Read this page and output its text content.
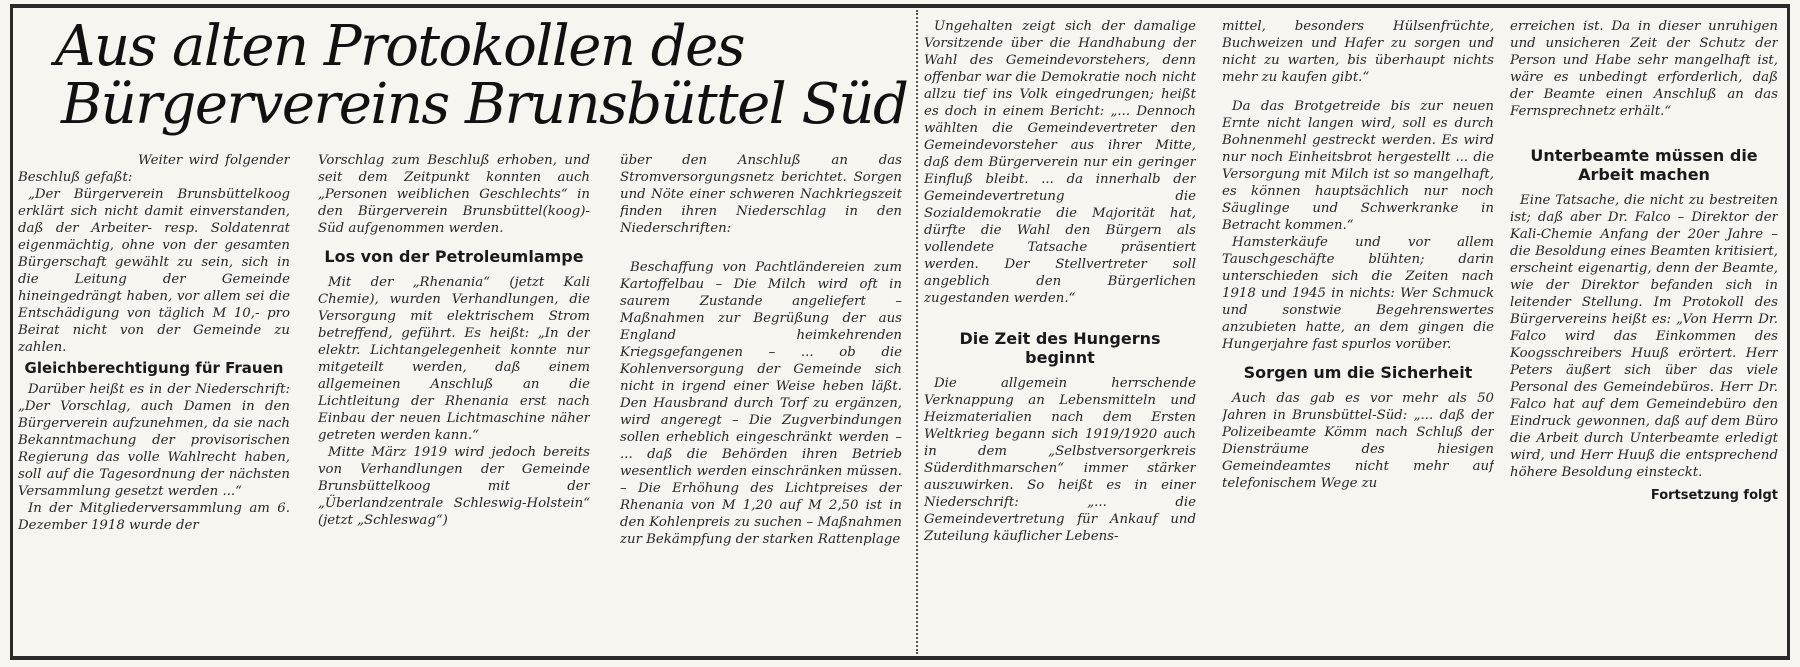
Aus alten Protokollen des
Bürgervereins Brunsbüttel Süd

Weiter wird folgender Beschluß gefaßt:

„Der Bürgerverein Brunsbüttelkoog erklärt sich nicht damit einverstanden, daß der Arbeiter- resp. Soldatenrat eigenmächtig, ohne von der gesamten Bürgerschaft gewählt zu sein, sich in die Leitung der Gemeinde hineingedrängt haben, vor allem sei die Entschädigung von täglich M 10,- pro Beirat nicht von der Gemeinde zu zahlen.

Gleichberechtigung für Frauen

Darüber heißt es in der Niederschrift: „Der Vorschlag, auch Damen in den Bürgerverein aufzunehmen, da sie nach Bekanntmachung der provisorischen Regierung das volle Wahlrecht haben, soll auf die Tagesordnung der nächsten Versammlung gesetzt werden ...“

In der Mitgliederversammlung am 6. Dezember 1918 wurde der

Vorschlag zum Beschluß erhoben, und seit dem Zeitpunkt konnten auch „Personen weiblichen Geschlechts“ in den Bürgerverein Brunsbüttel(koog)-Süd aufgenommen werden.

Los von der Petroleumlampe

Mit der „Rhenania“ (jetzt Kali Chemie), wurden Verhandlungen, die Versorgung mit elektrischem Strom betreffend, geführt. Es heißt: „In der elektr. Lichtangelegenheit konnte nur mitgeteilt werden, daß einem allgemeinen Anschluß an die Lichtleitung der Rhenania erst nach Einbau der neuen Lichtmaschine näher getreten werden kann.“

Mitte März 1919 wird jedoch bereits von Verhandlungen der Gemeinde Brunsbüttelkoog mit der „Überlandzentrale Schleswig-Holstein“ (jetzt „Schleswag“)

über den Anschluß an das Stromversorgungsnetz berichtet. Sorgen und Nöte einer schweren Nachkriegszeit finden ihren Niederschlag in den Niederschriften:

Beschaffung von Pachtländereien zum Kartoffelbau – Die Milch wird oft in saurem Zustande angeliefert – Maßnahmen zur Begrüßung der aus England heimkehrenden Kriegsgefangenen – ... ob die Kohlenversorgung der Gemeinde sich nicht in irgend einer Weise heben läßt. Den Hausbrand durch Torf zu ergänzen, wird angeregt – Die Zugverbindungen sollen erheblich eingeschränkt werden – ... daß die Behörden ihren Betrieb wesentlich werden einschränken müssen. – Die Erhöhung des Lichtpreises der Rhenania von M 1,20 auf M 2,50 ist in den Kohlenpreis zu suchen – Maßnahmen zur Bekämpfung der starken Rattenplage

Ungehalten zeigt sich der damalige Vorsitzende über die Handhabung der Wahl des Gemeindevorstehers, denn offenbar war die Demokratie noch nicht allzu tief ins Volk eingedrungen; heißt es doch in einem Bericht: „... Dennoch wählten die Gemeindevertreter den Gemeindevorsteher aus ihrer Mitte, daß dem Bürgerverein nur ein geringer Einfluß bleibt. ... da innerhalb der Gemeindevertretung die Sozialdemokratie die Majorität hat, dürfte die Wahl den Bürgern als vollendete Tatsache präsentiert werden. Der Stellvertreter soll angeblich den Bürgerlichen zugestanden werden.“

Die Zeit des Hungerns beginnt

Die allgemein herrschende Verknappung an Lebensmitteln und Heizmaterialien nach dem Ersten Weltkrieg begann sich 1919/1920 auch in dem „Selbstversorgerkreis Süderdithmarschen“ immer stärker auszuwirken. So heißt es in einer Niederschrift: „... die Gemeindevertretung für Ankauf und Zuteilung käuflicher Lebens-

mittel, besonders Hülsenfrüchte, Buchweizen und Hafer zu sorgen und nicht zu warten, bis überhaupt nichts mehr zu kaufen gibt.“

Da das Brotgetreide bis zur neuen Ernte nicht langen wird, soll es durch Bohnenmehl gestreckt werden. Es wird nur noch Einheitsbrot hergestellt ... die Versorgung mit Milch ist so mangelhaft, es können hauptsächlich nur noch Säuglinge und Schwerkranke in Betracht kommen.“

Hamsterkäufe und vor allem Tauschgeschäfte blühten; darin unterschieden sich die Zeiten nach 1918 und 1945 in nichts: Wer Schmuck und sonstwie Begehrenswertes anzubieten hatte, an dem gingen die Hungerjahre fast spurlos vorüber.

Sorgen um die Sicherheit

Auch das gab es vor mehr als 50 Jahren in Brunsbüttel-Süd: „... daß der Polizeibeamte Kömm nach Schluß der Diensträume des hiesigen Gemeindeamtes nicht mehr auf telefonischem Wege zu

erreichen ist. Da in dieser unruhigen und unsicheren Zeit der Schutz der Person und Habe sehr mangelhaft ist, wäre es unbedingt erforderlich, daß der Beamte einen Anschluß an das Fernsprechnetz erhält.“

Unterbeamte müssen die Arbeit machen

Eine Tatsache, die nicht zu bestreiten ist; daß aber Dr. Falco – Direktor der Kali-Chemie Anfang der 20er Jahre – die Besoldung eines Beamten kritisiert, erscheint eigenartig, denn der Beamte, wie der Direktor befanden sich in leitender Stellung. Im Protokoll des Bürgervereins heißt es: „Von Herrn Dr. Falco wird das Einkommen des Koogsschreibers Huuß erörtert. Herr Peters äußert sich über das viele Personal des Gemeindebüros. Herr Dr. Falco hat auf dem Gemeindebüro den Eindruck gewonnen, daß auf dem Büro die Arbeit durch Unterbeamte erledigt wird, und Herr Huuß die entsprechend höhere Besoldung einsteckt.

Fortsetzung folgt
